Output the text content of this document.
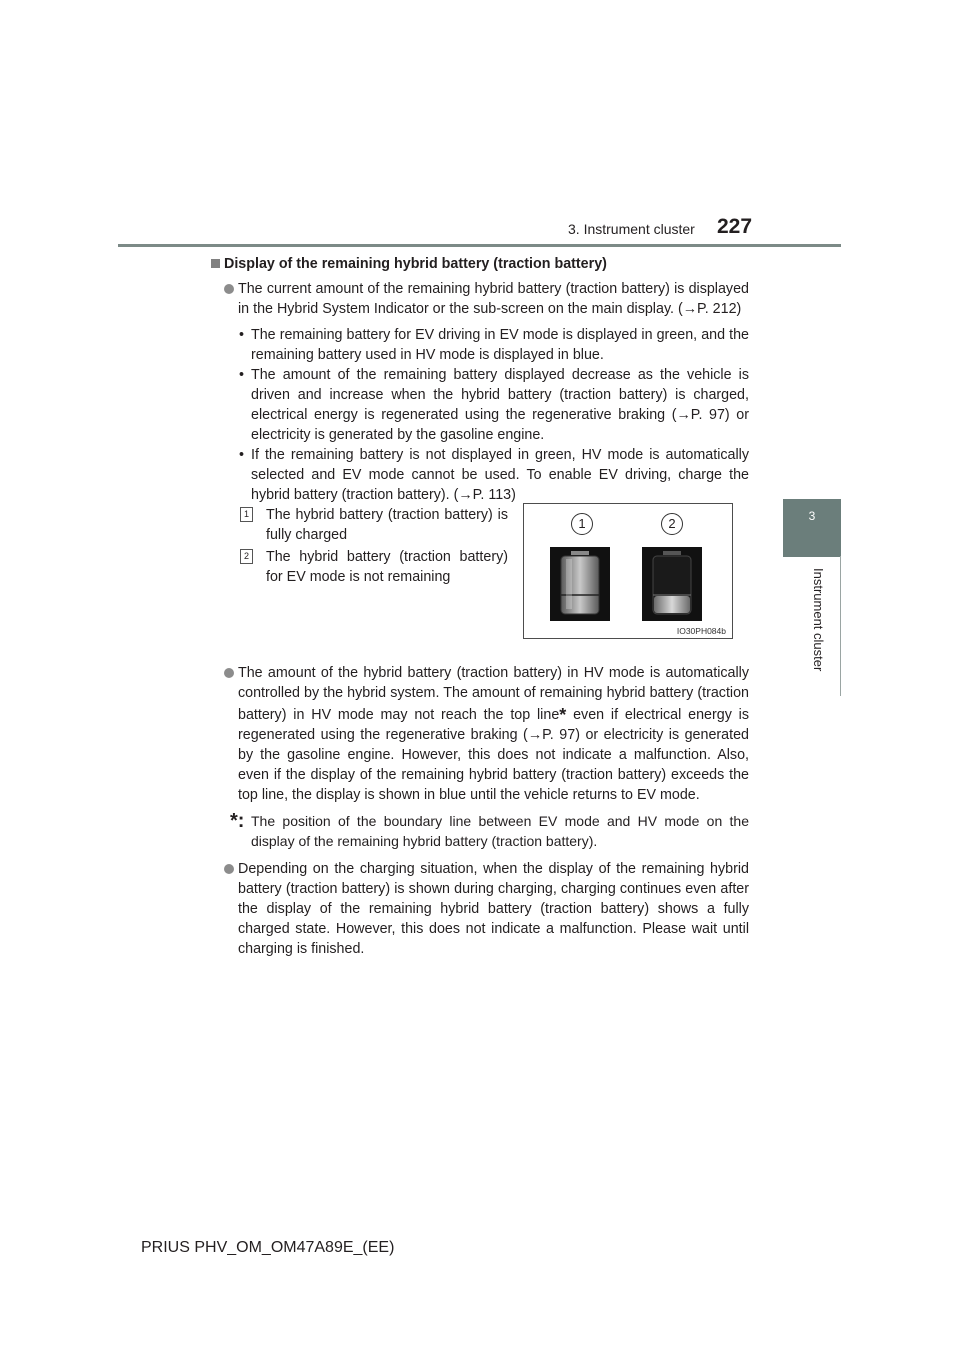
3. Instrument cluster 227
3
Instrument cluster

Display of the remaining hybrid battery (traction battery)

The current amount of the remaining hybrid battery (traction battery) is displayed in the Hybrid System Indicator or the sub-screen on the main display. (→P. 212)

• The remaining battery for EV driving in EV mode is displayed in green, and the remaining battery used in HV mode is displayed in blue.

• The amount of the remaining battery displayed decrease as the vehicle is driven and increase when the hybrid battery (traction battery) is charged, electrical energy is regenerated using the regenerative braking (→P. 97) or electricity is generated by the gasoline engine.

• If the remaining battery is not displayed in green, HV mode is automatically selected and EV mode cannot be used. To enable EV driving, charge the hybrid battery (traction battery). (→P. 113)

1 The hybrid battery (traction battery) is fully charged

2 The hybrid battery (traction battery) for EV mode is not remaining

The amount of the hybrid battery (traction battery) in HV mode is automatically controlled by the hybrid system. The amount of remaining hybrid battery (traction battery) in HV mode may not reach the top line* even if electrical energy is regenerated using the regenerative braking (→P. 97) or electricity is generated by the gasoline engine. However, this does not indicate a malfunction. Also, even if the display of the remaining hybrid battery (traction battery) exceeds the top line, the display is shown in blue until the vehicle returns to EV mode.

*: The position of the boundary line between EV mode and HV mode on the display of the remaining hybrid battery (traction battery).

Depending on the charging situation, when the display of the remaining hybrid battery (traction battery) is shown during charging, charging continues even after the display of the remaining hybrid battery (traction battery) shows a fully charged state. However, this does not indicate a malfunction. Please wait until charging is finished.

1	2
IO30PH084b
PRIUS PHV_OM_OM47A89E_(EE)
